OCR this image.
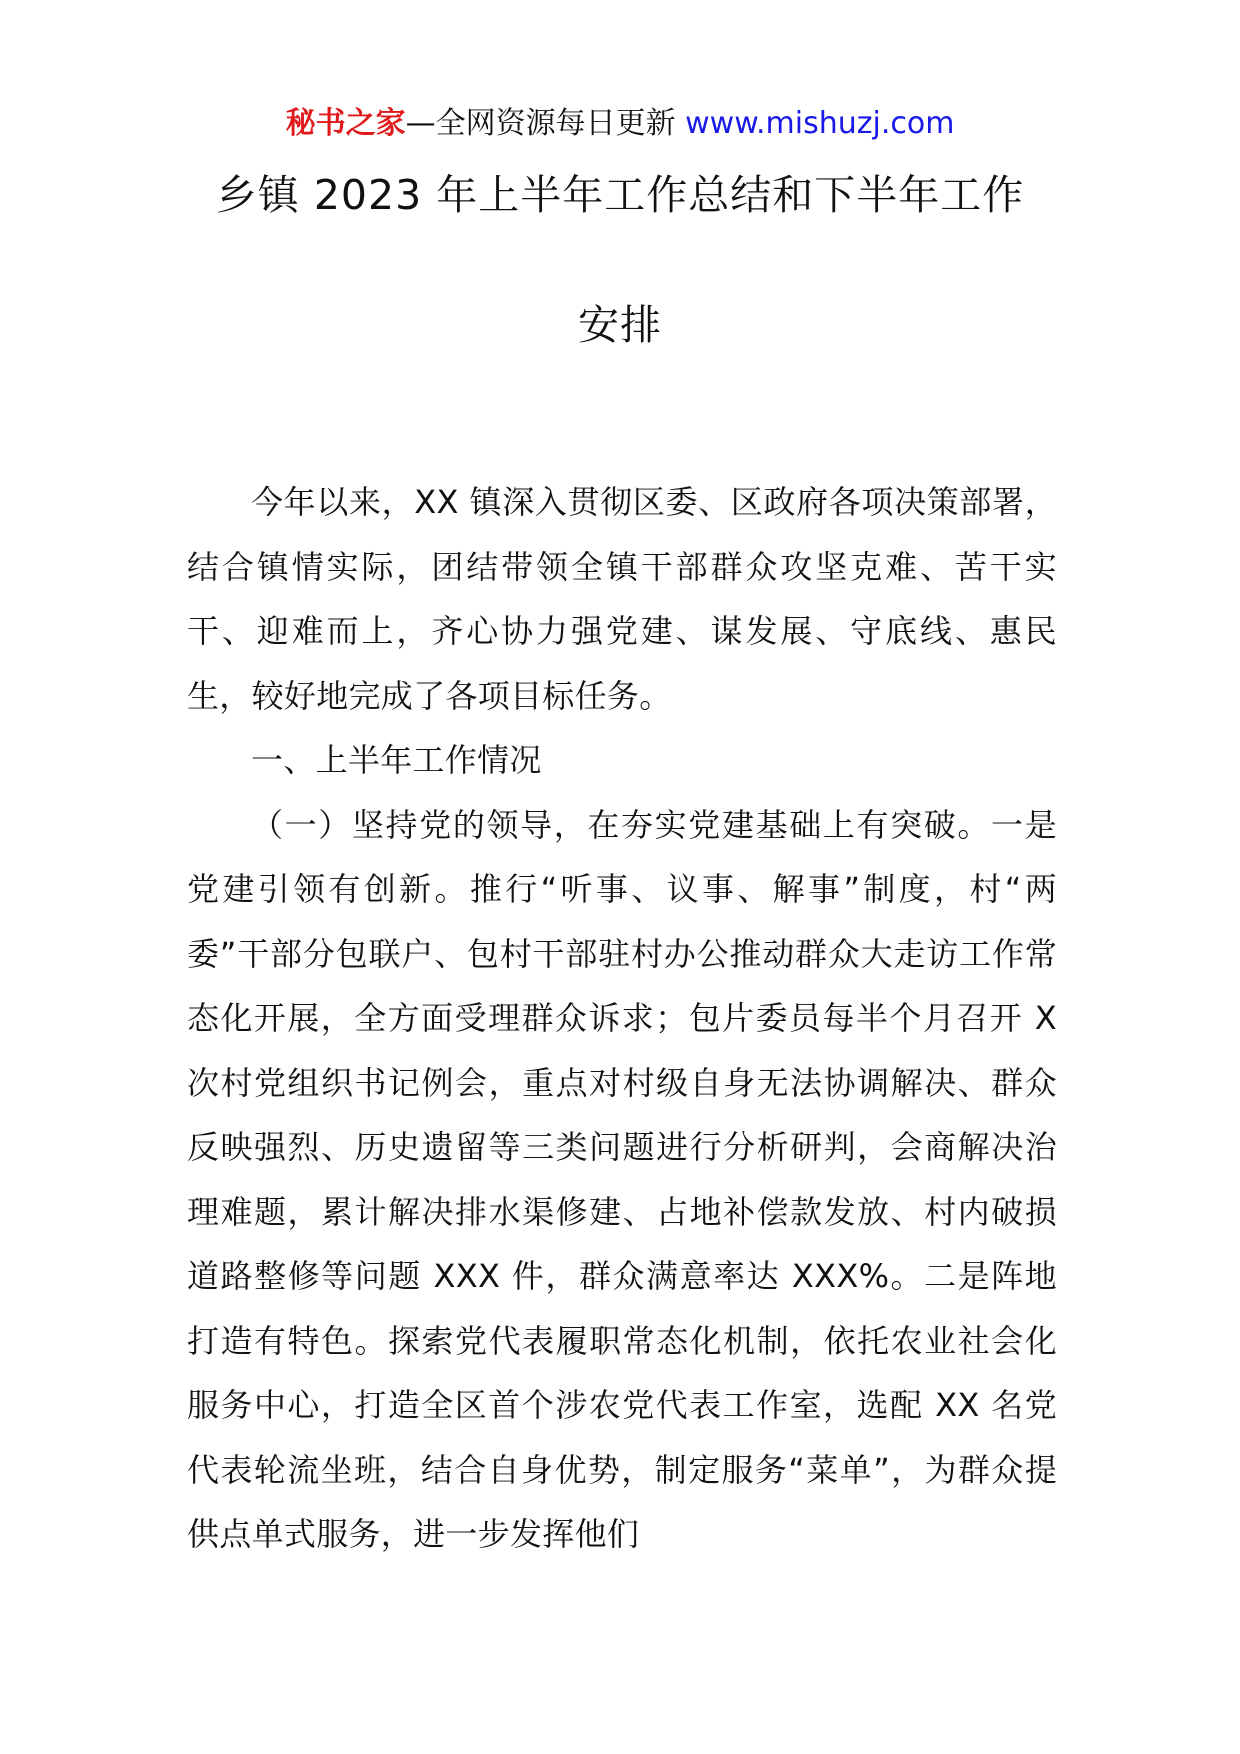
秘书之家—全网资源每日更新 www.mishuzj.com
乡镇 2023 年上半年工作总结和下半年工作
安排

今年以来，XX 镇深入贯彻区委、区政府各项决策部署，结合镇情实际，团结带领全镇干部群众攻坚克难、苦干实干、迎难而上，齐心协力强党建、谋发展、守底线、惠民生，较好地完成了各项目标任务。

一、上半年工作情况

（一）坚持党的领导，在夯实党建基础上有突破。一是党建引领有创新。推行“听事、议事、解事”制度，村“两委”干部分包联户、包村干部驻村办公推动群众大走访工作常态化开展，全方面受理群众诉求；包片委员每半个月召开 X 次村党组织书记例会，重点对村级自身无法协调解决、群众反映强烈、历史遗留等三类问题进行分析研判，会商解决治理难题，累计解决排水渠修建、占地补偿款发放、村内破损道路整修等问题 XXX 件，群众满意率达 XXX%。二是阵地打造有特色。探索党代表履职常态化机制，依托农业社会化服务中心，打造全区首个涉农党代表工作室，选配 XX 名党代表轮流坐班，结合自身优势，制定服务“菜单”，为群众提供点单式服务，进一步发挥他们
